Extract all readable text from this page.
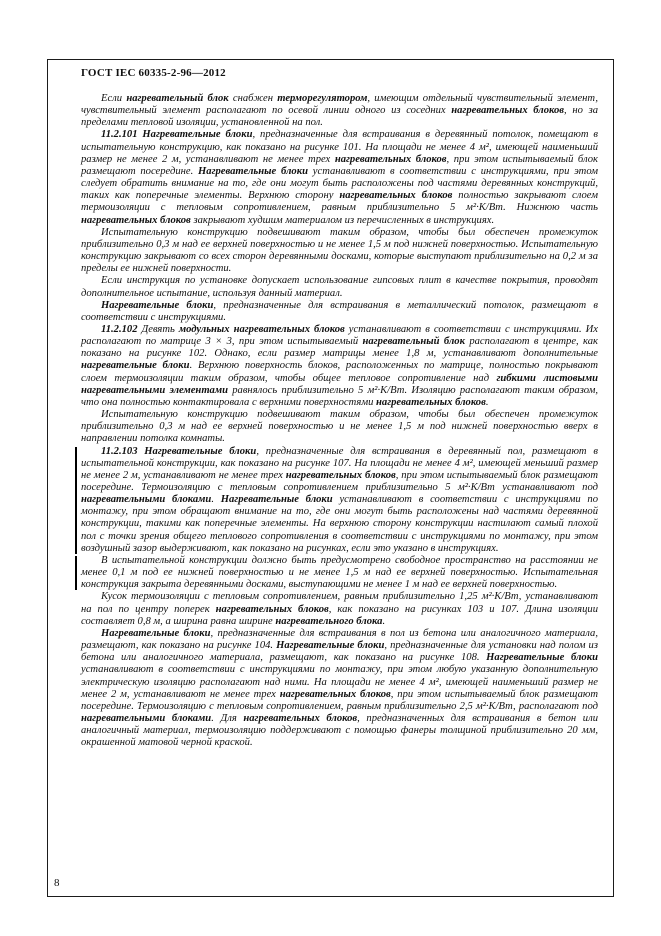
ГОСТ IEC 60335-2-96—2012

Если нагревательный блок снабжен терморегулятором, имеющим отдельный чувствительный элемент, чувствительный элемент располагают по осевой линии одного из соседних нагревательных блоков, но за пределами тепловой изоляции, установленной на пол.

11.2.101 Нагревательные блоки, предназначенные для встраивания в деревянный потолок, помещают в испытательную конструкцию, как показано на рисунке 101. На площади не менее 4 м², имеющей наименьший размер не менее 2 м, устанавливают не менее трех нагревательных блоков, при этом испытываемый блок размещают посередине. Нагревательные блоки устанавливают в соответствии с инструкциями, при этом следует обратить внимание на то, где они могут быть расположены под частями деревянных конструкций, таких как поперечные элементы. Верхнюю сторону нагревательных блоков полностью закрывают слоем термоизоляции с тепловым сопротивлением, равным приблизительно 5 м²·К/Вт. Нижнюю часть нагревательных блоков закрывают худшим материалом из перечисленных в инструкциях.

Испытательную конструкцию подвешивают таким образом, чтобы был обеспечен промежуток приблизительно 0,3 м над ее верхней поверхностью и не менее 1,5 м под нижней поверхностью. Испытательную конструкцию закрывают со всех сторон деревянными досками, которые выступают приблизительно на 0,2 м за пределы ее нижней поверхности.

Если инструкция по установке допускает использование гипсовых плит в качестве покрытия, проводят дополнительное испытание, используя данный материал.

Нагревательные блоки, предназначенные для встраивания в металлический потолок, размещают в соответствии с инструкциями.

11.2.102 Девять модульных нагревательных блоков устанавливают в соответствии с инструкциями. Их располагают по матрице 3 × 3, при этом испытываемый нагревательный блок располагают в центре, как показано на рисунке 102. Однако, если размер матрицы менее 1,8 м, устанавливают дополнительные нагревательные блоки. Верхнюю поверхность блоков, расположенных по матрице, полностью покрывают слоем термоизоляции таким образом, чтобы общее тепловое сопротивление над гибкими листовыми нагревательными элементами равнялось приблизительно 5 м²·К/Вт. Изоляцию располагают таким образом, что она полностью контактировала с верхними поверхностями нагревательных блоков.

Испытательную конструкцию подвешивают таким образом, чтобы был обеспечен промежуток приблизительно 0,3 м над ее верхней поверхностью и не менее 1,5 м под нижней поверхностью вверх в направлении потолка комнаты.

11.2.103 Нагревательные блоки, предназначенные для встраивания в деревянный пол, размещают в испытательной конструкции, как показано на рисунке 107. На площади не менее 4 м², имеющей меньший размер не менее 2 м, устанавливают не менее трех нагревательных блоков, при этом испытываемый блок размещают посередине. Термоизоляцию с тепловым сопротивлением приблизительно 5 м²·К/Вт устанавливают под нагревательными блоками. Нагревательные блоки устанавливают в соответствии с инструкциями по монтажу, при этом обращают внимание на то, где они могут быть расположены над частями деревянной конструкции, такими как поперечные элементы. На верхнюю сторону конструкции настилают самый плохой пол с точки зрения общего теплового сопротивления в соответствии с инструкциями по монтажу, при этом воздушный зазор выдерживают, как показано на рисунках, если это указано в инструкциях.

В испытательной конструкции должно быть предусмотрено свободное пространство на расстоянии не менее 0,1 м под ее нижней поверхностью и не менее 1,5 м над ее верхней поверхностью. Испытательная конструкция закрыта деревянными досками, выступающими не менее 1 м над ее верхней поверхностью.

Кусок термоизоляции с тепловым сопротивлением, равным приблизительно 1,25 м²·К/Вт, устанавливают на пол по центру поперек нагревательных блоков, как показано на рисунках 103 и 107. Длина изоляции составляет 0,8 м, а ширина равна ширине нагревательного блока.

Нагревательные блоки, предназначенные для встраивания в пол из бетона или аналогичного материала, размещают, как показано на рисунке 104. Нагревательные блоки, предназначенные для установки над полом из бетона или аналогичного материала, размещают, как показано на рисунке 108. Нагревательные блоки устанавливают в соответствии с инструкциями по монтажу, при этом любую указанную дополнительную электрическую изоляцию располагают над ними. На площади не менее 4 м², имеющей наименьший размер не менее 2 м, устанавливают не менее трех нагревательных блоков, при этом испытываемый блок размещают посередине. Термоизоляцию с тепловым сопротивлением, равным приблизительно 2,5 м²·К/Вт, располагают под нагревательными блоками. Для нагревательных блоков, предназначенных для встраивания в бетон или аналогичный материал, термоизоляцию поддерживают с помощью фанеры толщиной приблизительно 20 мм, окрашенной матовой черной краской.

8
